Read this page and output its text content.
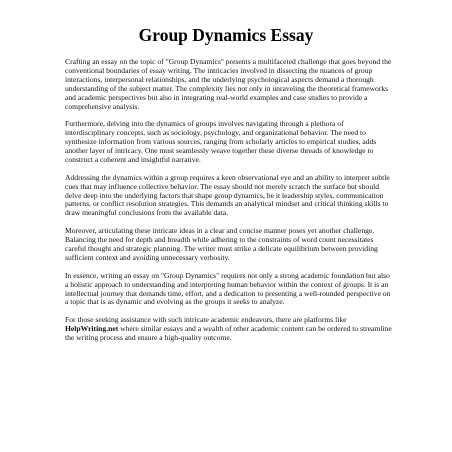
Group Dynamics Essay

Crafting an essay on the topic of "Group Dynamics" presents a multifaceted challenge that goes beyond the conventional boundaries of essay writing. The intricacies involved in dissecting the nuances of group interactions, interpersonal relationships, and the underlying psychological aspects demand a thorough understanding of the subject matter. The complexity lies not only in unraveling the theoretical frameworks and academic perspectives but also in integrating real-world examples and case studies to provide a comprehensive analysis.

Furthermore, delving into the dynamics of groups involves navigating through a plethora of interdisciplinary concepts, such as sociology, psychology, and organizational behavior. The need to synthesize information from various sources, ranging from scholarly articles to empirical studies, adds another layer of intricacy. One must seamlessly weave together these diverse threads of knowledge to construct a coherent and insightful narrative.

Addressing the dynamics within a group requires a keen observational eye and an ability to interpret subtle cues that may influence collective behavior. The essay should not merely scratch the surface but should delve deep into the underlying factors that shape group dynamics, be it leadership styles, communication patterns, or conflict resolution strategies. This demands an analytical mindset and critical thinking skills to draw meaningful conclusions from the available data.

Moreover, articulating these intricate ideas in a clear and concise manner poses yet another challenge. Balancing the need for depth and breadth while adhering to the constraints of word count necessitates careful thought and strategic planning. The writer must strike a delicate equilibrium between providing sufficient context and avoiding unnecessary verbosity.

In essence, writing an essay on "Group Dynamics" requires not only a strong academic foundation but also a holistic approach to understanding and interpreting human behavior within the context of groups. It is an intellectual journey that demands time, effort, and a dedication to presenting a well-rounded perspective on a topic that is as dynamic and evolving as the groups it seeks to analyze.

For those seeking assistance with such intricate academic endeavors, there are platforms like HelpWriting.net where similar essays and a wealth of other academic content can be ordered to streamline the writing process and ensure a high-quality outcome.
